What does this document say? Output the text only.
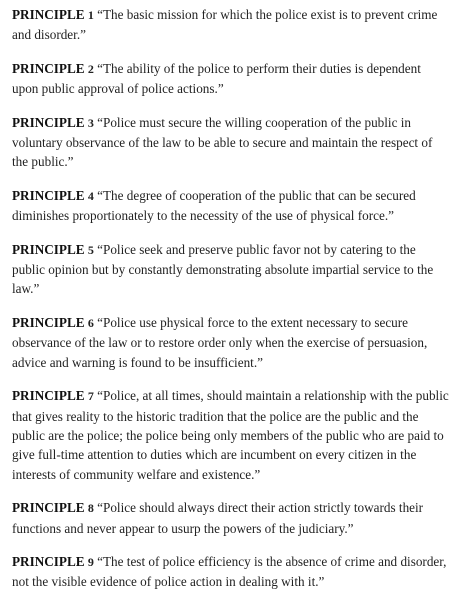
PRINCIPLE 1 “The basic mission for which the police exist is to prevent crime and disorder.”

PRINCIPLE 2 “The ability of the police to perform their duties is dependent upon public approval of police actions.”

PRINCIPLE 3 “Police must secure the willing cooperation of the public in voluntary observance of the law to be able to secure and maintain the respect of the public.”

PRINCIPLE 4 “The degree of cooperation of the public that can be secured diminishes proportionately to the necessity of the use of physical force.”

PRINCIPLE 5 “Police seek and preserve public favor not by catering to the public opinion but by constantly demonstrating absolute impartial service to the law.”

PRINCIPLE 6 “Police use physical force to the extent necessary to secure observance of the law or to restore order only when the exercise of persuasion, advice and warning is found to be insufficient.”

PRINCIPLE 7 “Police, at all times, should maintain a relationship with the public that gives reality to the historic tradition that the police are the public and the public are the police; the police being only members of the public who are paid to give full-time attention to duties which are incumbent on every citizen in the interests of community welfare and existence.”

PRINCIPLE 8 “Police should always direct their action strictly towards their functions and never appear to usurp the powers of the judiciary.”

PRINCIPLE 9 “The test of police efficiency is the absence of crime and disorder, not the visible evidence of police action in dealing with it.”
